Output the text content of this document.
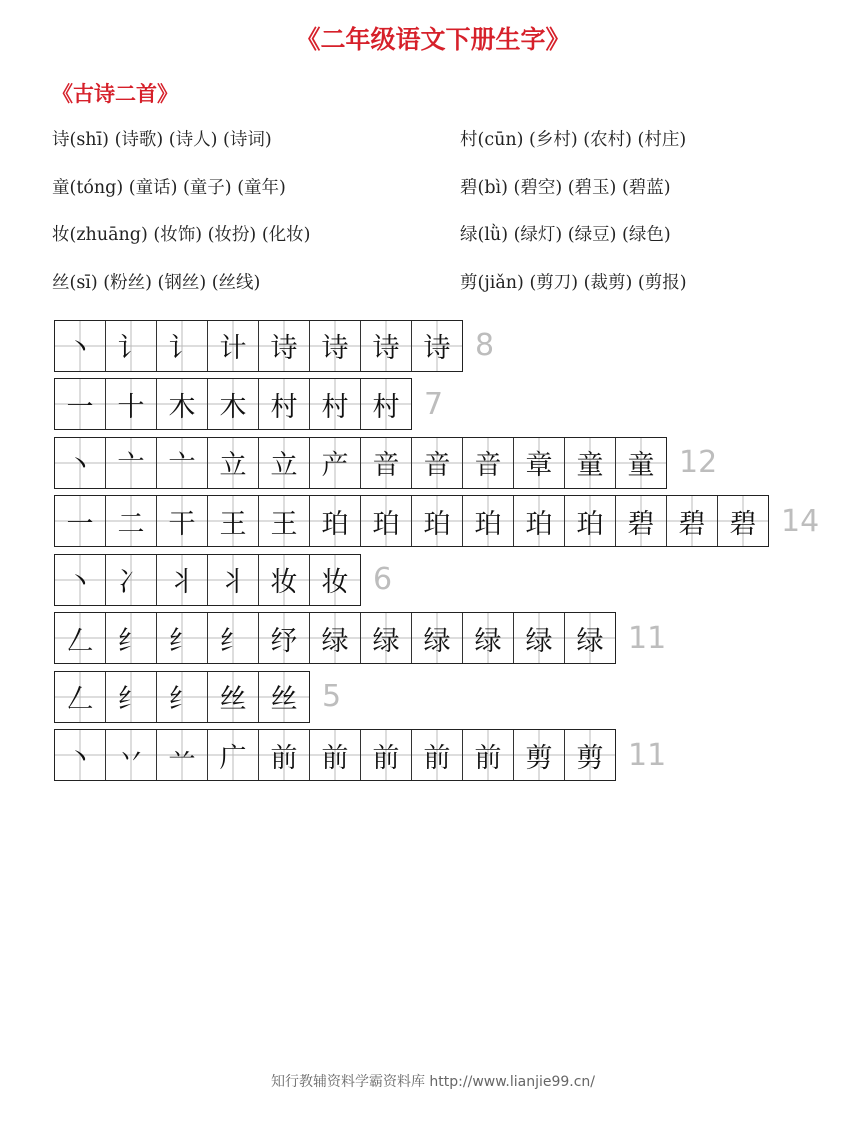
《二年级语文下册生字》
《古诗二首》
诗(shī) (诗歌) (诗人) (诗词)	村(cūn) (乡村) (农村) (村庄)
童(tóng) (童话) (童子) (童年)	碧(bì) (碧空) (碧玉) (碧蓝)
妆(zhuāng) (妆饰) (妆扮) (化妆)	绿(lǜ) (绿灯) (绿豆) (绿色)
丝(sī) (粉丝) (钢丝) (丝线)	剪(jiǎn) (剪刀) (裁剪) (剪报)
丶 讠 讠 计 诗 诗 诗 诗 8
一 十 木 木 村 村 村 7
丶 亠 亠 立 立 产 音 音 音 章 童 童 12
一 二 干 王 王 珀 珀 珀 珀 珀 珀 碧 碧 碧 14
丶 冫 丬 丬 妆 妆 6
𠃋 纟 纟 纟 纾 绿 绿 绿 绿 绿 绿 11
𠃋 纟 纟 丝 丝 5
丶 丷 䒑 广 前 前 前 前 前 剪 剪 11
知行教辅资料学霸资料库 http://www.lianjie99.cn/
